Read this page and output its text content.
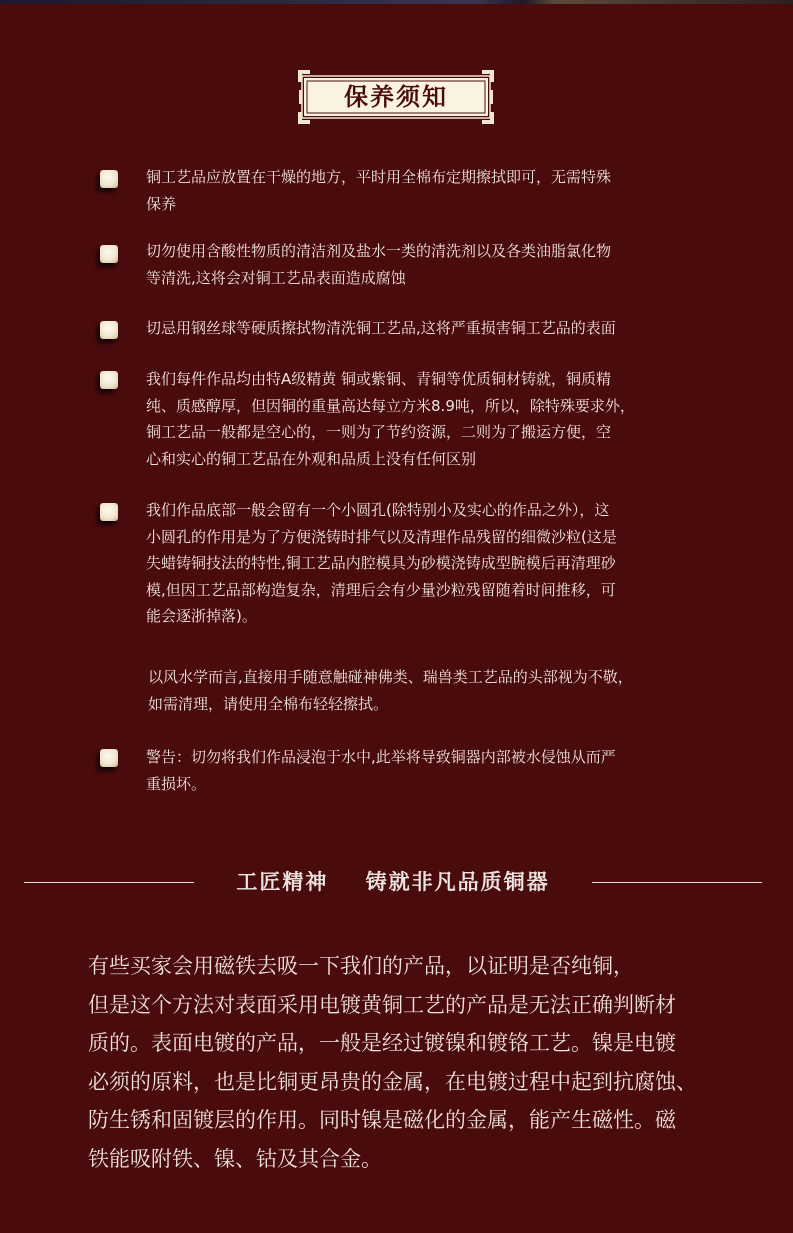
保养须知
铜工艺品应放置在干燥的地方，平时用全棉布定期擦拭即可，无需特殊
保养
切勿使用含酸性物质的清洁剂及盐水一类的清洗剂以及各类油脂氯化物
等清洗,这将会对铜工艺品表面造成腐蚀
切忌用钢丝球等硬质擦拭物清洗铜工艺品,这将严重损害铜工艺品的表面
我们每件作品均由特A级精黄 铜或紫铜、青铜等优质铜材铸就，铜质精
纯、质感醇厚，但因铜的重量高达每立方米8.9吨，所以，除特殊要求外，
铜工艺品一般都是空心的，一则为了节约资源，二则为了搬运方便，空
心和实心的铜工艺品在外观和品质上没有任何区别
我们作品底部一般会留有一个小圆孔(除特别小及实心的作品之外），这
小圆孔的作用是为了方便浇铸时排气以及清理作品残留的细微沙粒(这是
失蜡铸铜技法的特性,铜工艺品内腔模具为砂模浇铸成型腕模后再清理砂
模,但因工艺品部构造复杂，清理后会有少量沙粒残留随着时间推移，可
能会逐浙掉落)。
以风水学而言,直接用手随意触碰神佛类、瑞兽类工艺品的头部视为不敬，
如需清理，请使用全棉布轻轻擦拭。
警告：切勿将我们作品浸泡于水中,此举将导致铜器内部被水侵蚀从而严
重损坏。
工匠精神    铸就非凡品质铜器
有些买家会用磁铁去吸一下我们的产品，以证明是否纯铜，
但是这个方法对表面采用电镀黄铜工艺的产品是无法正确判断材
质的。表面电镀的产品，一般是经过镀镍和镀铬工艺。镍是电镀
必须的原料，也是比铜更昂贵的金属，在电镀过程中起到抗腐蚀、
防生锈和固镀层的作用。同时镍是磁化的金属，能产生磁性。磁
铁能吸附铁、镍、钴及其合金。
